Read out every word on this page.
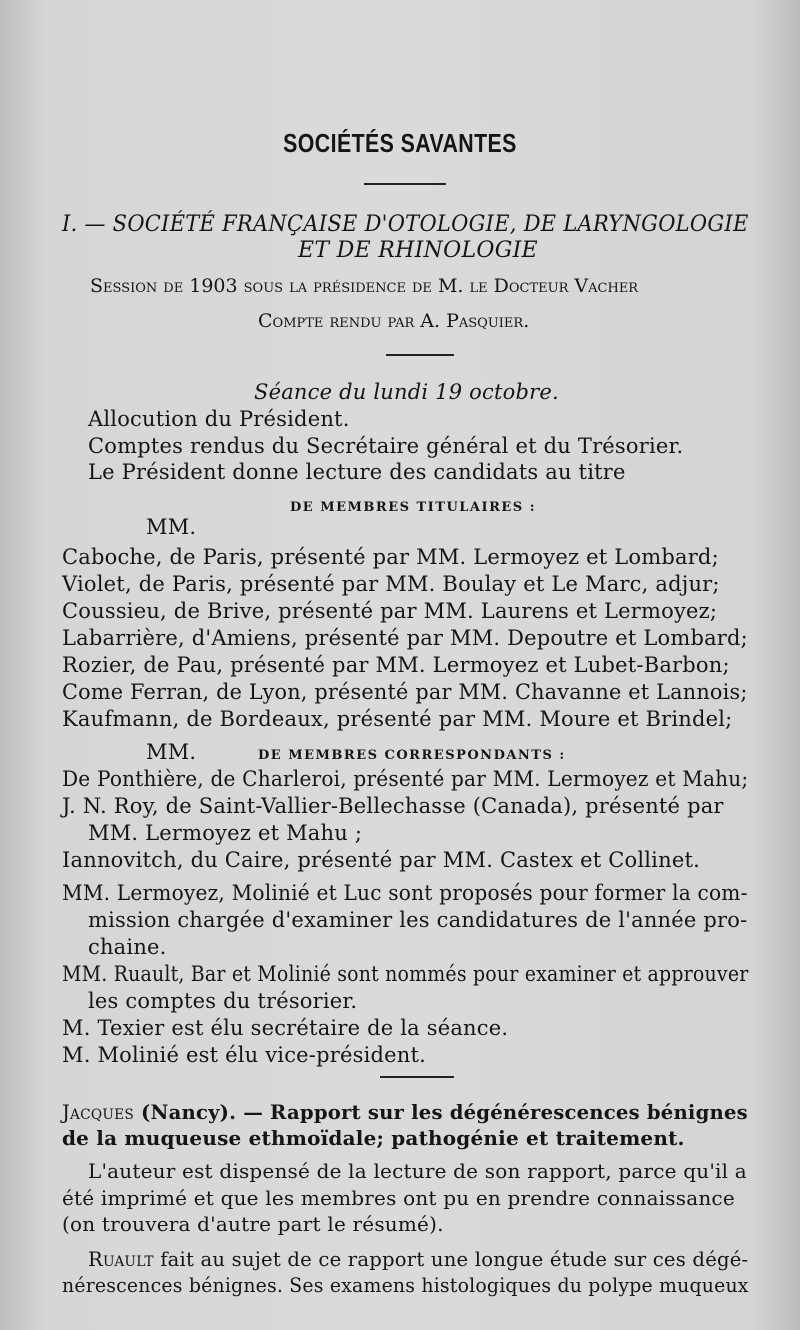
SOCIÉTÉS SAVANTES
I. — SOCIÉTÉ FRANÇAISE D'OTOLOGIE, DE LARYNGOLOGIE
ET DE RHINOLOGIE
Session de 1903 sous la présidence de M. le Docteur Vacher
Compte rendu par A. Pasquier.
Séance du lundi 19 octobre.
Allocution du Président.
Comptes rendus du Secrétaire général et du Trésorier.
Le Président donne lecture des candidats au titre
DE MEMBRES TITULAIRES :
MM.
Caboche, de Paris, présenté par MM. Lermoyez et Lombard;
Violet, de Paris, présenté par MM. Boulay et Le Marc, adjur;
Coussieu, de Brive, présenté par MM. Laurens et Lermoyez;
Labarrière, d'Amiens, présenté par MM. Depoutre et Lombard;
Rozier, de Pau, présenté par MM. Lermoyez et Lubet-Barbon;
Come Ferran, de Lyon, présenté par MM. Chavanne et Lannois;
Kaufmann, de Bordeaux, présenté par MM. Moure et Brindel;
DE MEMBRES CORRESPONDANTS :
MM.
De Ponthière, de Charleroi, présenté par MM. Lermoyez et Mahu;
J. N. Roy, de Saint-Vallier-Bellechasse (Canada), présenté par
MM. Lermoyez et Mahu ;
Iannovitch, du Caire, présenté par MM. Castex et Collinet.
MM. Lermoyez, Molinié et Luc sont proposés pour former la com-
mission chargée d'examiner les candidatures de l'année pro-
chaine.
MM. Ruault, Bar et Molinié sont nommés pour examiner et approuver
les comptes du trésorier.
M. Texier est élu secrétaire de la séance.
M. Molinié est élu vice-président.
Jacques (Nancy). — Rapport sur les dégénérescences bénignes
de la muqueuse ethmoïdale; pathogénie et traitement.
L'auteur est dispensé de la lecture de son rapport, parce qu'il a
été imprimé et que les membres ont pu en prendre connaissance
(on trouvera d'autre part le résumé).
Ruault fait au sujet de ce rapport une longue étude sur ces dégé-
nérescences bénignes. Ses examens histologiques du polype muqueux
